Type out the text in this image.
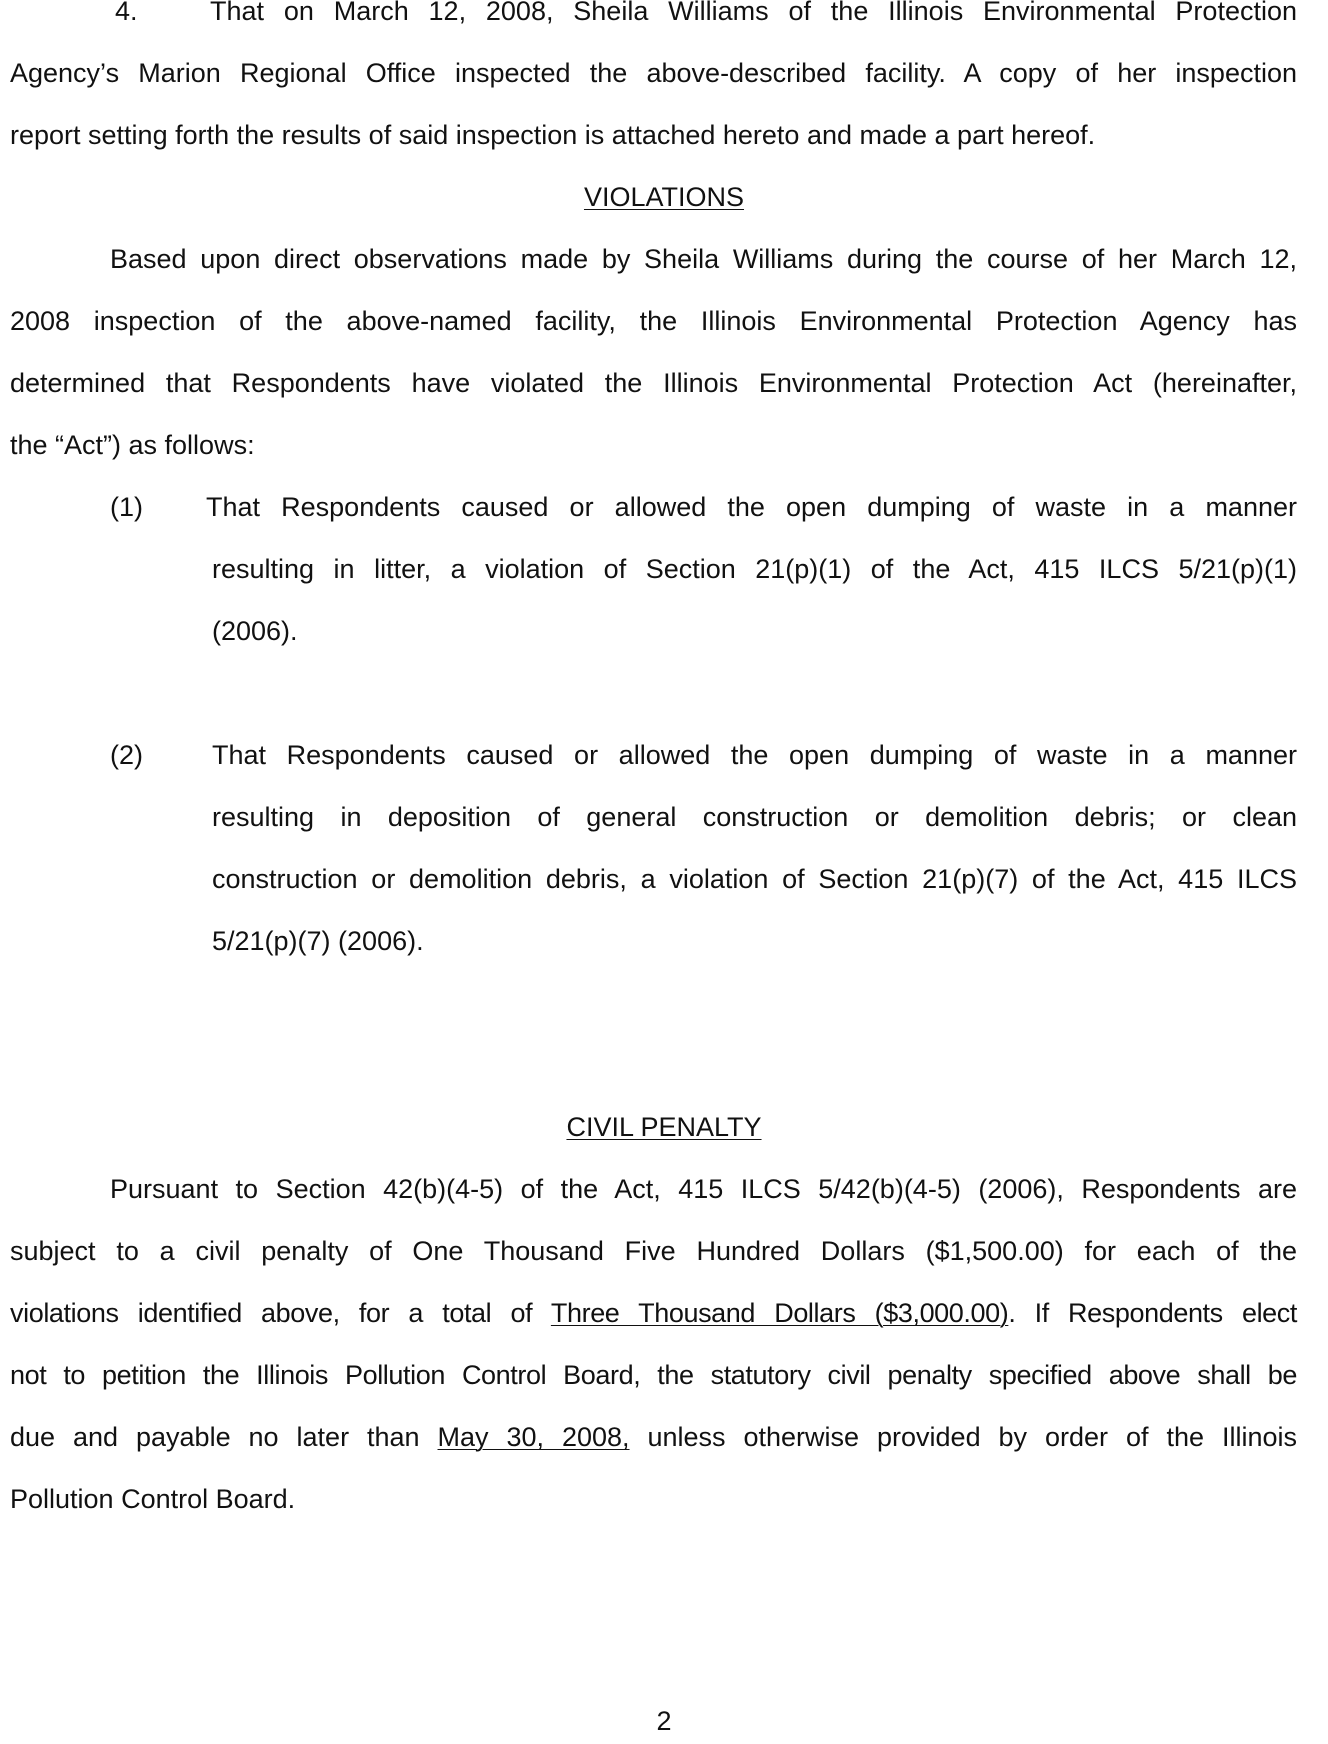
4.	That on March 12, 2008, Sheila Williams of the Illinois Environmental Protection
Agency’s Marion Regional Office inspected the above-described facility. A copy of her inspection
report setting forth the results of said inspection is attached hereto and made a part hereof.
VIOLATIONS
Based upon direct observations made by Sheila Williams during the course of her March 12,
2008 inspection of the above-named facility, the Illinois Environmental Protection Agency has
determined that Respondents have violated the Illinois Environmental Protection Act (hereinafter,
the “Act”) as follows:
(1) That Respondents caused or allowed the open dumping of waste in a manner
resulting in litter, a violation of Section 21(p)(1) of the Act, 415 ILCS 5/21(p)(1)
(2006).
(2)	That Respondents caused or allowed the open dumping of waste in a manner
resulting in deposition of general construction or demolition debris; or clean
construction or demolition debris, a violation of Section 21(p)(7) of the Act, 415 ILCS
5/21(p)(7) (2006).
CIVIL PENALTY
Pursuant to Section 42(b)(4-5) of the Act, 415 ILCS 5/42(b)(4-5) (2006), Respondents are
subject to a civil penalty of One Thousand Five Hundred Dollars ($1,500.00) for each of the
violations identified above, for a total of Three Thousand Dollars ($3,000.00). If Respondents elect
not to petition the Illinois Pollution Control Board, the statutory civil penalty specified above shall be
due and payable no later than May 30, 2008, unless otherwise provided by order of the Illinois
Pollution Control Board.
2
